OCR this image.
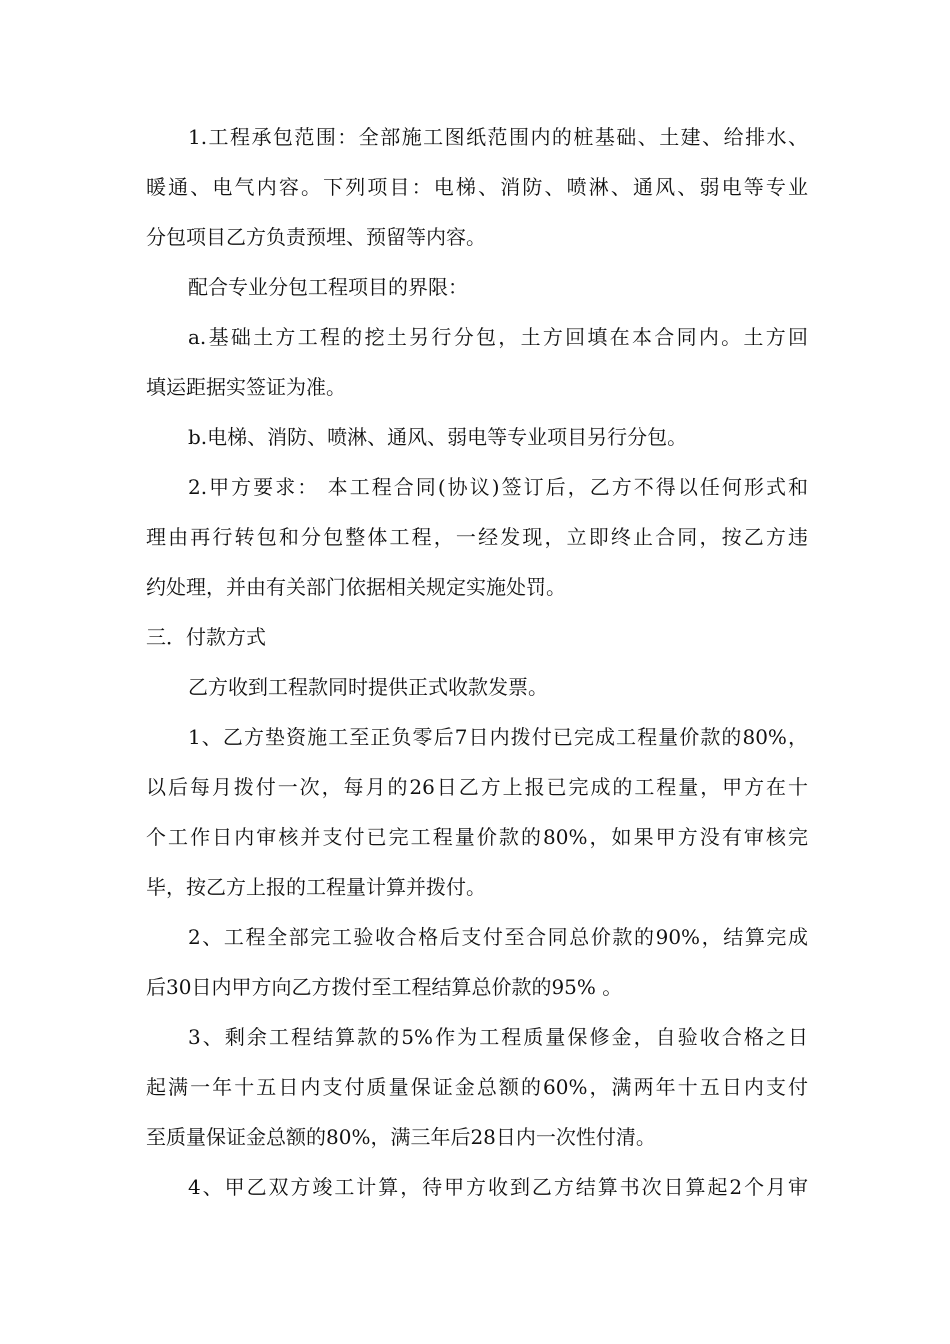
1.工程承包范围：全部施工图纸范围内的桩基础、土建、给排水、
暖通、电气内容。下列项目：电梯、消防、喷淋、通风、弱电等专业
分包项目乙方负责预埋、预留等内容。
配合专业分包工程项目的界限：
a.基础土方工程的挖土另行分包，土方回填在本合同内。土方回
填运距据实签证为准。
b.电梯、消防、喷淋、通风、弱电等专业项目另行分包。
2.甲方要求： 本工程合同(协议)签订后，乙方不得以任何形式和
理由再行转包和分包整体工程，一经发现，立即终止合同，按乙方违
约处理，并由有关部门依据相关规定实施处罚。
三．付款方式
乙方收到工程款同时提供正式收款发票。
1、乙方垫资施工至正负零后7日内拨付已完成工程量价款的80%，
以后每月拨付一次，每月的26日乙方上报已完成的工程量，甲方在十
个工作日内审核并支付已完工程量价款的80%，如果甲方没有审核完
毕，按乙方上报的工程量计算并拨付。
2、工程全部完工验收合格后支付至合同总价款的90%，结算完成
后30日内甲方向乙方拨付至工程结算总价款的95% 。
3、剩余工程结算款的5%作为工程质量保修金，自验收合格之日
起满一年十五日内支付质量保证金总额的60%，满两年十五日内支付
至质量保证金总额的80%，满三年后28日内一次性付清。
4、甲乙双方竣工计算，待甲方收到乙方结算书次日算起2个月审
